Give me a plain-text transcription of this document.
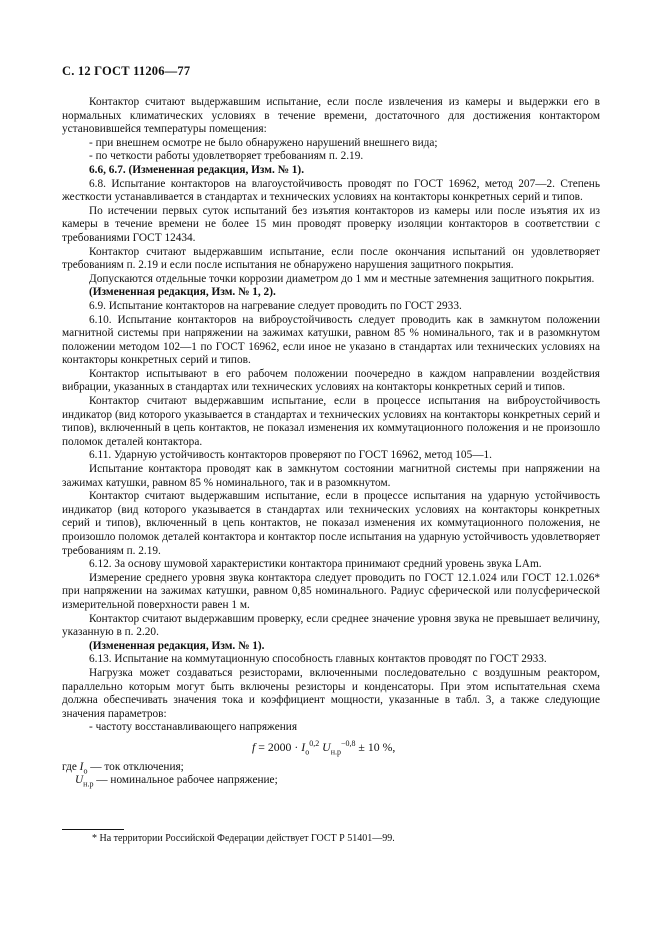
С. 12 ГОСТ 11206—77

Контактор считают выдержавшим испытание, если после извлечения из камеры и выдержки его в нормальных климатических условиях в течение времени, достаточного для достижения контактором установившейся температуры помещения:

- при внешнем осмотре не было обнаружено нарушений внешнего вида;

- по четкости работы удовлетворяет требованиям п. 2.19.

6.6, 6.7. (Измененная редакция, Изм. № 1).

6.8. Испытание контакторов на влагоустойчивость проводят по ГОСТ 16962, метод 207—2. Степень жесткости устанавливается в стандартах и технических условиях на контакторы конкретных серий и типов.

По истечении первых суток испытаний без изъятия контакторов из камеры или после изъятия их из камеры в течение времени не более 15 мин проводят проверку изоляции контакторов в соответствии с требованиями ГОСТ 12434.

Контактор считают выдержавшим испытание, если после окончания испытаний он удовлетворяет требованиям п. 2.19 и если после испытания не обнаружено нарушения защитного покрытия.

Допускаются отдельные точки коррозии диаметром до 1 мм и местные затемнения защитного покрытия.

(Измененная редакция, Изм. № 1, 2).

6.9. Испытание контакторов на нагревание следует проводить по ГОСТ 2933.

6.10. Испытание контакторов на виброустойчивость следует проводить как в замкнутом положении магнитной системы при напряжении на зажимах катушки, равном 85 % номинального, так и в разомкнутом положении методом 102—1 по ГОСТ 16962, если иное не указано в стандартах или технических условиях на контакторы конкретных серий и типов.

Контактор испытывают в его рабочем положении поочередно в каждом направлении воздействия вибрации, указанных в стандартах или технических условиях на контакторы конкретных серий и типов.

Контактор считают выдержавшим испытание, если в процессе испытания на виброустойчивость индикатор (вид которого указывается в стандартах и технических условиях на контакторы конкретных серий и типов), включенный в цепь контактов, не показал изменения их коммутационного положения и не произошло поломок деталей контактора.

6.11. Ударную устойчивость контакторов проверяют по ГОСТ 16962, метод 105—1.

Испытание контактора проводят как в замкнутом состоянии магнитной системы при напряжении на зажимах катушки, равном 85 % номинального, так и в разомкнутом.

Контактор считают выдержавшим испытание, если в процессе испытания на ударную устойчивость индикатор (вид которого указывается в стандартах или технических условиях на контакторы конкретных серий и типов), включенный в цепь контактов, не показал изменения их коммутационного положения, не произошло поломок деталей контактора и контактор после испытания на ударную устойчивость удовлетворяет требованиям п. 2.19.

6.12. За основу шумовой характеристики контактора принимают средний уровень звука LAm.

Измерение среднего уровня звука контактора следует проводить по ГОСТ 12.1.024 или ГОСТ 12.1.026* при напряжении на зажимах катушки, равном 0,85 номинального. Радиус сферической или полусферической измерительной поверхности равен 1 м.

Контактор считают выдержавшим проверку, если среднее значение уровня звука не превышает величину, указанную в п. 2.20.

(Измененная редакция, Изм. № 1).

6.13. Испытание на коммутационную способность главных контактов проводят по ГОСТ 2933.

Нагрузка может создаваться резисторами, включенными последовательно с воздушным реактором, параллельно которым могут быть включены резисторы и конденсаторы. При этом испытательная схема должна обеспечивать значения тока и коэффициент мощности, указанные в табл. 3, а также следующие значения параметров:

- частоту восстанавливающего напряжения

$f = 2000 \cdot I_о^{0,2}$ $U_{н.р}^{-0,8} \pm 10$ %,

где $I_о$ — ток отключения;

$U_{н.р}$ — номинальное рабочее напряжение;

* На территории Российской Федерации действует ГОСТ Р 51401—99.
